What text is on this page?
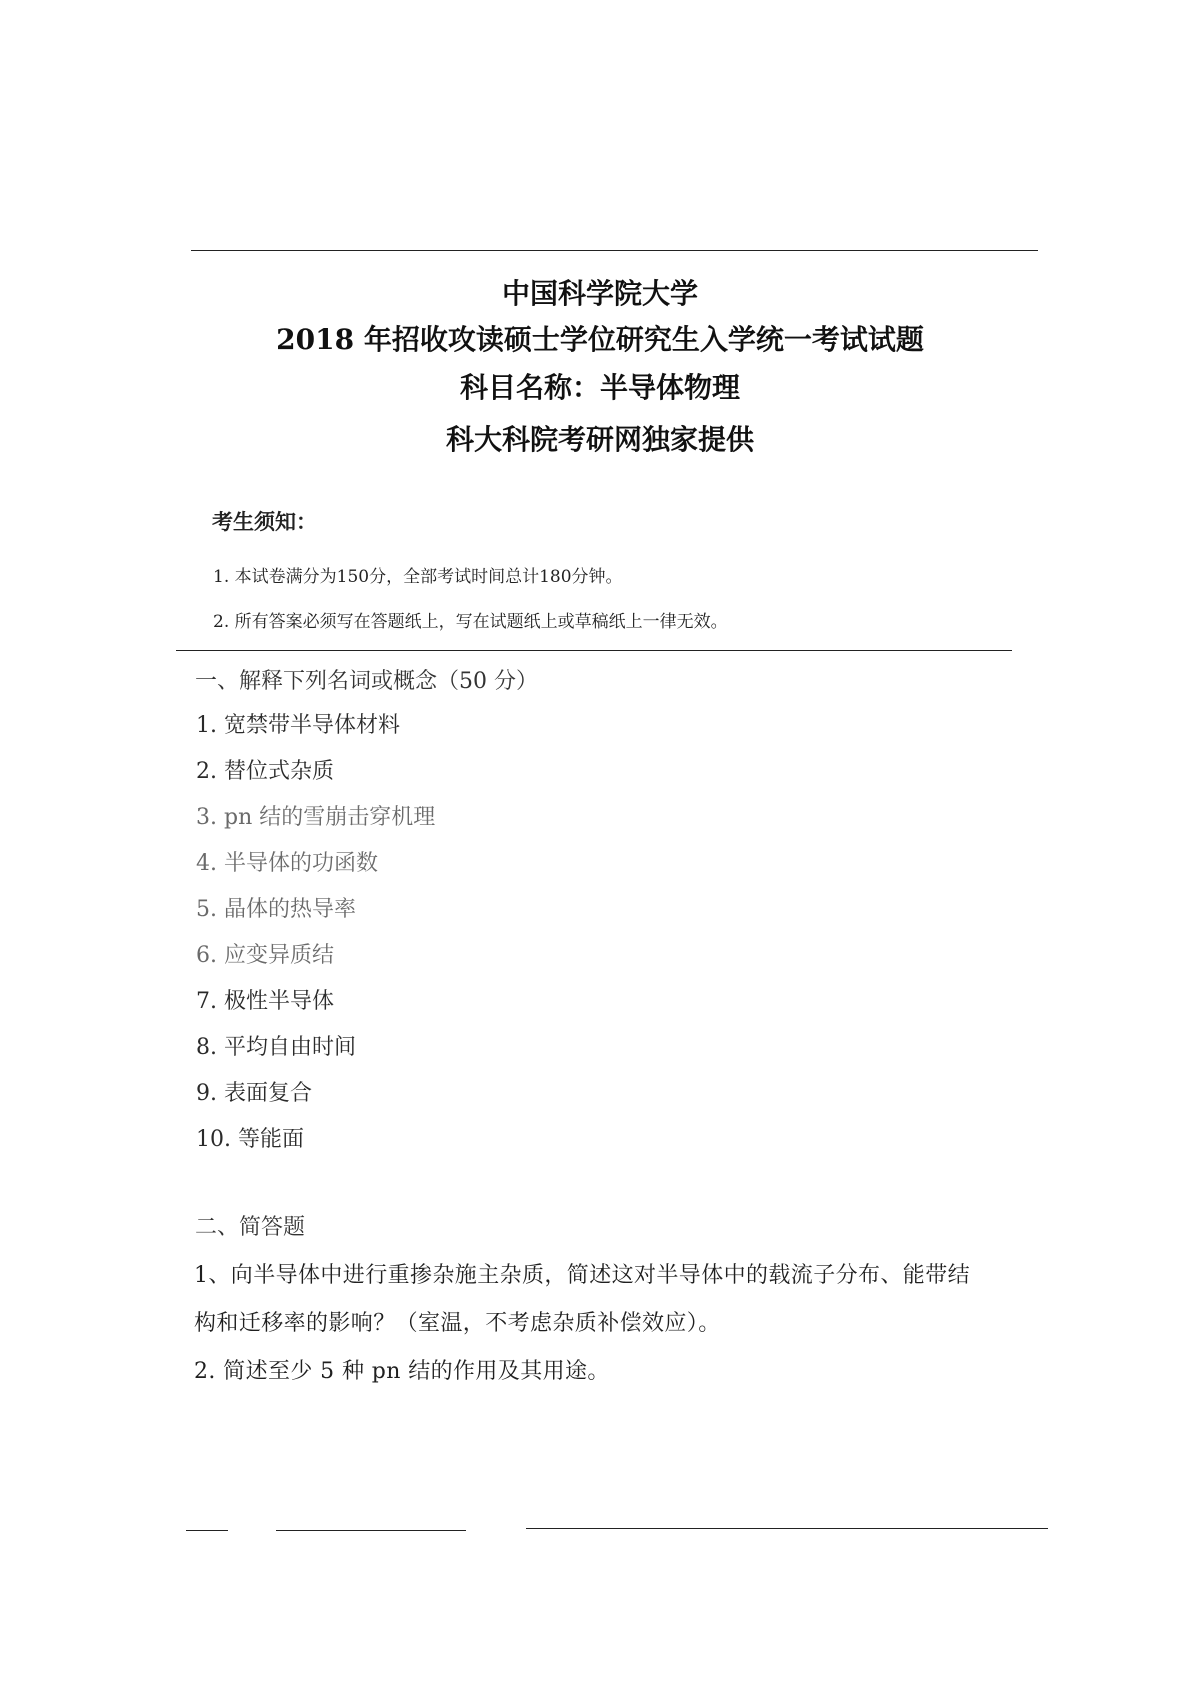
中国科学院大学
2018 年招收攻读硕士学位研究生入学统一考试试题
科目名称：半导体物理
科大科院考研网独家提供
考生须知：
1. 本试卷满分为150分，全部考试时间总计180分钟。
2. 所有答案必须写在答题纸上，写在试题纸上或草稿纸上一律无效。
一、解释下列名词或概念（50 分）
1. 宽禁带半导体材料
2. 替位式杂质
3. pn 结的雪崩击穿机理
4. 半导体的功函数
5. 晶体的热导率
6. 应变异质结
7. 极性半导体
8. 平均自由时间
9. 表面复合
10. 等能面
二、简答题
1、向半导体中进行重掺杂施主杂质，简述这对半导体中的载流子分布、能带结
构和迁移率的影响？（室温，不考虑杂质补偿效应）。
2. 简述至少 5 种 pn 结的作用及其用途。
